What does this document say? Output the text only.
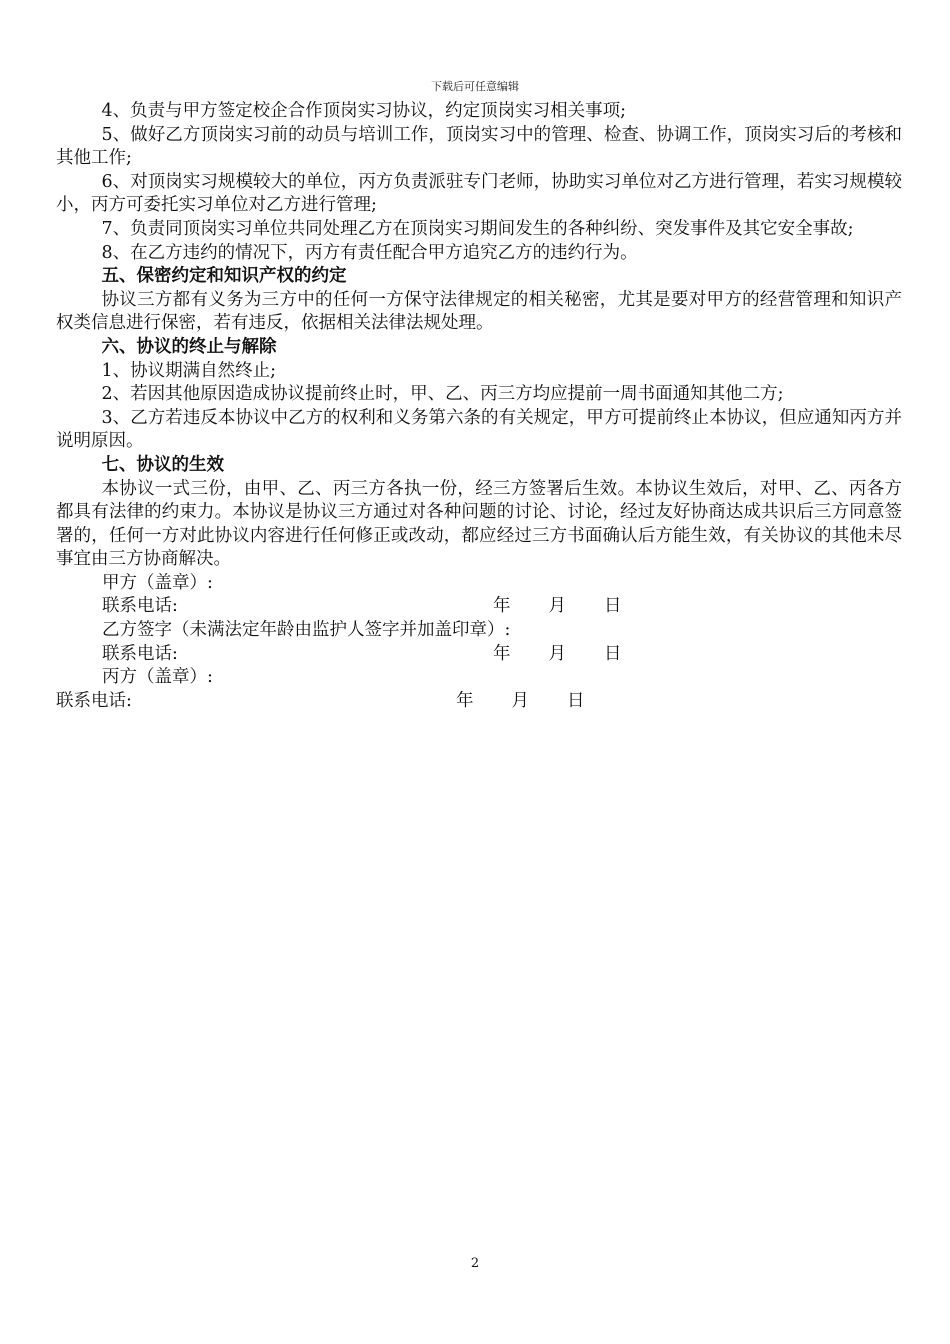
下载后可任意编辑

4、负责与甲方签定校企合作顶岗实习协议，约定顶岗实习相关事项;

5、做好乙方顶岗实习前的动员与培训工作，顶岗实习中的管理、检查、协调工作，顶岗实习后的考核和其他工作;

6、对顶岗实习规模较大的单位，丙方负责派驻专门老师，协助实习单位对乙方进行管理，若实习规模较小，丙方可委托实习单位对乙方进行管理;

7、负责同顶岗实习单位共同处理乙方在顶岗实习期间发生的各种纠纷、突发事件及其它安全事故;

8、在乙方违约的情况下，丙方有责任配合甲方追究乙方的违约行为。

五、保密约定和知识产权的约定

协议三方都有义务为三方中的任何一方保守法律规定的相关秘密，尤其是要对甲方的经营管理和知识产权类信息进行保密，若有违反，依据相关法律法规处理。

六、协议的终止与解除

1、协议期满自然终止;

2、若因其他原因造成协议提前终止时，甲、乙、丙三方均应提前一周书面通知其他二方;

3、乙方若违反本协议中乙方的权利和义务第六条的有关规定，甲方可提前终止本协议，但应通知丙方并说明原因。

七、协议的生效

本协议一式三份，由甲、乙、丙三方各执一份，经三方签署后生效。本协议生效后，对甲、乙、丙各方都具有法律的约束力。本协议是协议三方通过对各种问题的讨论、讨论，经过友好协商达成共识后三方同意签署的，任何一方对此协议内容进行任何修正或改动，都应经过三方书面确认后方能生效，有关协议的其他未尽事宜由三方协商解决。

甲方（盖章）:
联系电话:	年 月 日
乙方签字（未满法定年龄由监护人签字并加盖印章）:
联系电话:	年 月 日
丙方（盖章）:
联系电话:	年 月 日
2
